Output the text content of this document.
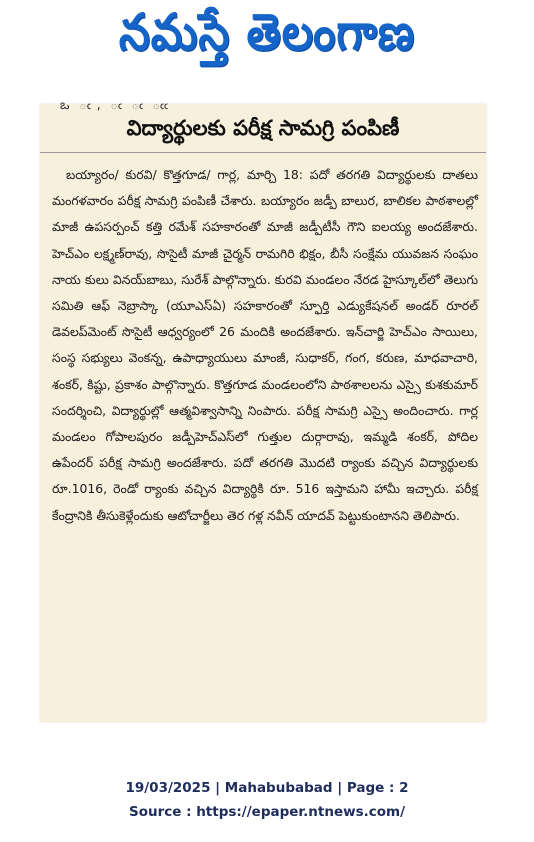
నమస్తే తెలంగాణ
ఒ ఁ, ఁ ఁ ఁఁ
విద్యార్థులకు పరీక్ష సామగ్రి పంపిణీ

బయ్యారం/ కురవి/ కొత్తగూడ/ గార్ల, మార్చి 18: పదో తరగతి విద్యార్థులకు దాతలు మంగళవారం పరీక్ష సామగ్రి పంపిణీ చేశారు. బయ్యారం జడ్పీ బాలుర, బాలికల పాఠశాలల్లో మాజీ ఉపసర్పంచ్ కత్తి రమేశ్ సహకారంతో మాజీ జడ్పీటీసీ గౌని ఐలయ్య అందజేశారు. హెచ్‌ఎం లక్ష్మణ్‌రావు, సొసైటీ మాజీ చైర్మన్ రామగిరి భిక్షం, బీసీ సంక్షేమ యువజన సంఘం నాయ కులు వినయ్‌బాబు, సురేశ్ పాల్గొన్నారు. కురవి మండలం నేరడ హైస్కూల్‌లో తెలుగు సమితి ఆఫ్ నెబ్రాస్కా (యూఎస్‌ఏ) సహకారంతో స్ఫూర్తి ఎడ్యుకేషనల్ అండర్ రూరల్ డెవలప్‌మెంట్ సొసైటీ ఆధ్వర్యంలో 26 మందికి అందజేశారు. ఇన్‌చార్జి హెచ్‌ఎం సాయిలు, సంస్థ సభ్యులు వెంకన్న, ఉపాధ్యాయులు మాంజీ, సుధాకర్, గంగ, కరుణ, మాధవాచారి, శంకర్, కిష్టు, ప్రకాశం పాల్గొన్నారు. కొత్తగూడ మండలంలోని పాఠశాలలను ఎస్సై కుశకుమార్ సందర్శించి, విద్యార్థుల్లో ఆత్మవిశ్వాసాన్ని నింపారు. పరీక్ష సామగ్రి ఎస్సై అందించారు. గార్ల మండలం గోపాలపురం జడ్పీహెచ్‌ఎస్‌లో గుత్తుల దుర్గారావు, ఇమ్మడి శంకర్, పోదిల ఉపేందర్ పరీక్ష సామగ్రి అందజేశారు. పదో తరగతి మొదటి ర్యాంకు వచ్చిన విద్యార్థులకు రూ.1016, రెండో ర్యాంకు వచ్చిన విద్యార్థికి రూ. 516 ఇస్తామని హామీ ఇచ్చారు. పరీక్ష కేంద్రానికి తీసుకెళ్లేందుకు ఆటోచార్జీలు తెర గళ్ల నవీన్ యాదవ్ పెట్టుకుంటానని తెలిపారు.

19/03/2025 | Mahabubabad | Page : 2
Source : https://epaper.ntnews.com/
